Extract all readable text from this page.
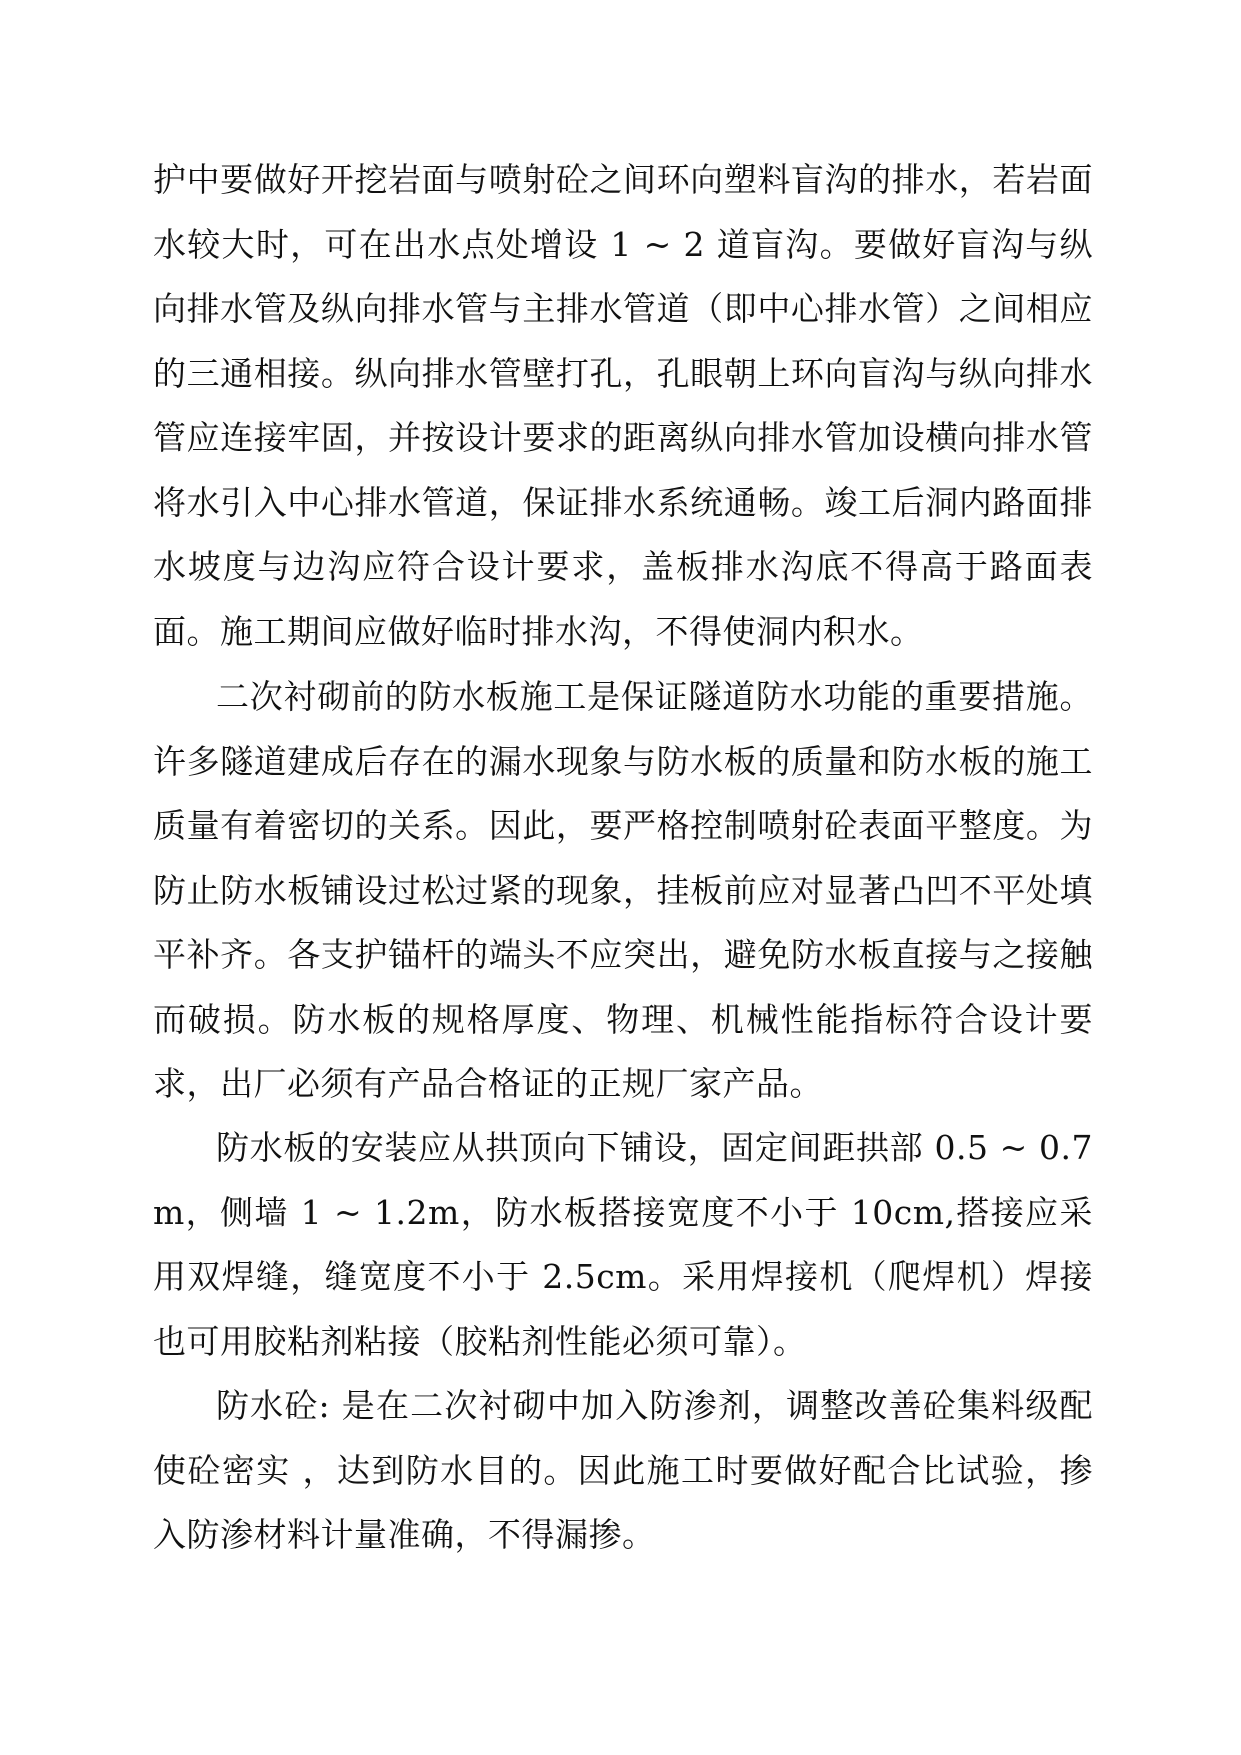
护中要做好开挖岩面与喷射砼之间环向塑料盲沟的排水，若岩面水较大时，可在出水点处增设 1 ~ 2 道盲沟。要做好盲沟与纵向排水管及纵向排水管与主排水管道（即中心排水管）之间相应的三通相接。纵向排水管壁打孔，孔眼朝上环向盲沟与纵向排水管应连接牢固，并按设计要求的距离纵向排水管加设横向排水管将水引入中心排水管道，保证排水系统通畅。竣工后洞内路面排水坡度与边沟应符合设计要求，盖板排水沟底不得高于路面表面。施工期间应做好临时排水沟，不得使洞内积水。

二次衬砌前的防水板施工是保证隧道防水功能的重要措施。许多隧道建成后存在的漏水现象与防水板的质量和防水板的施工质量有着密切的关系。因此，要严格控制喷射砼表面平整度。为防止防水板铺设过松过紧的现象，挂板前应对显著凸凹不平处填平补齐。各支护锚杆的端头不应突出，避免防水板直接与之接触而破损。防水板的规格厚度、物理、机械性能指标符合设计要求，出厂必须有产品合格证的正规厂家产品。

防水板的安装应从拱顶向下铺设，固定间距拱部 0.5 ~ 0.7m，侧墙 1 ~ 1.2m，防水板搭接宽度不小于 10cm,搭接应采用双焊缝，缝宽度不小于 2.5cm。采用焊接机（爬焊机）焊接也可用胶粘剂粘接（胶粘剂性能必须可靠）。

防水砼: 是在二次衬砌中加入防渗剂，调整改善砼集料级配使砼密实 ，达到防水目的。因此施工时要做好配合比试验，掺入防渗材料计量准确，不得漏掺。
